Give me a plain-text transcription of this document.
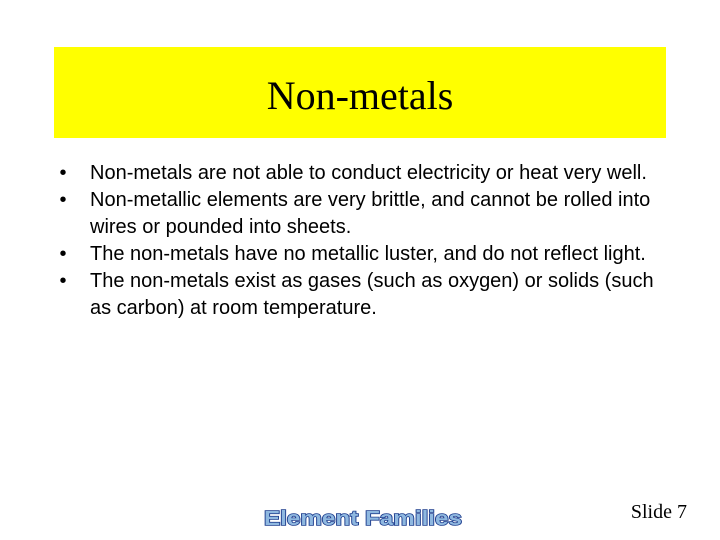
Non-metals
• Non-metals are not able to conduct electricity or heat very well.
• Non-metallic elements are very brittle, and cannot be rolled into wires or pounded into sheets.
• The non-metals have no metallic luster, and do not reflect light.
• The non-metals exist as gases (such as oxygen) or solids (such as carbon) at room temperature.
Element Families	Slide 7
